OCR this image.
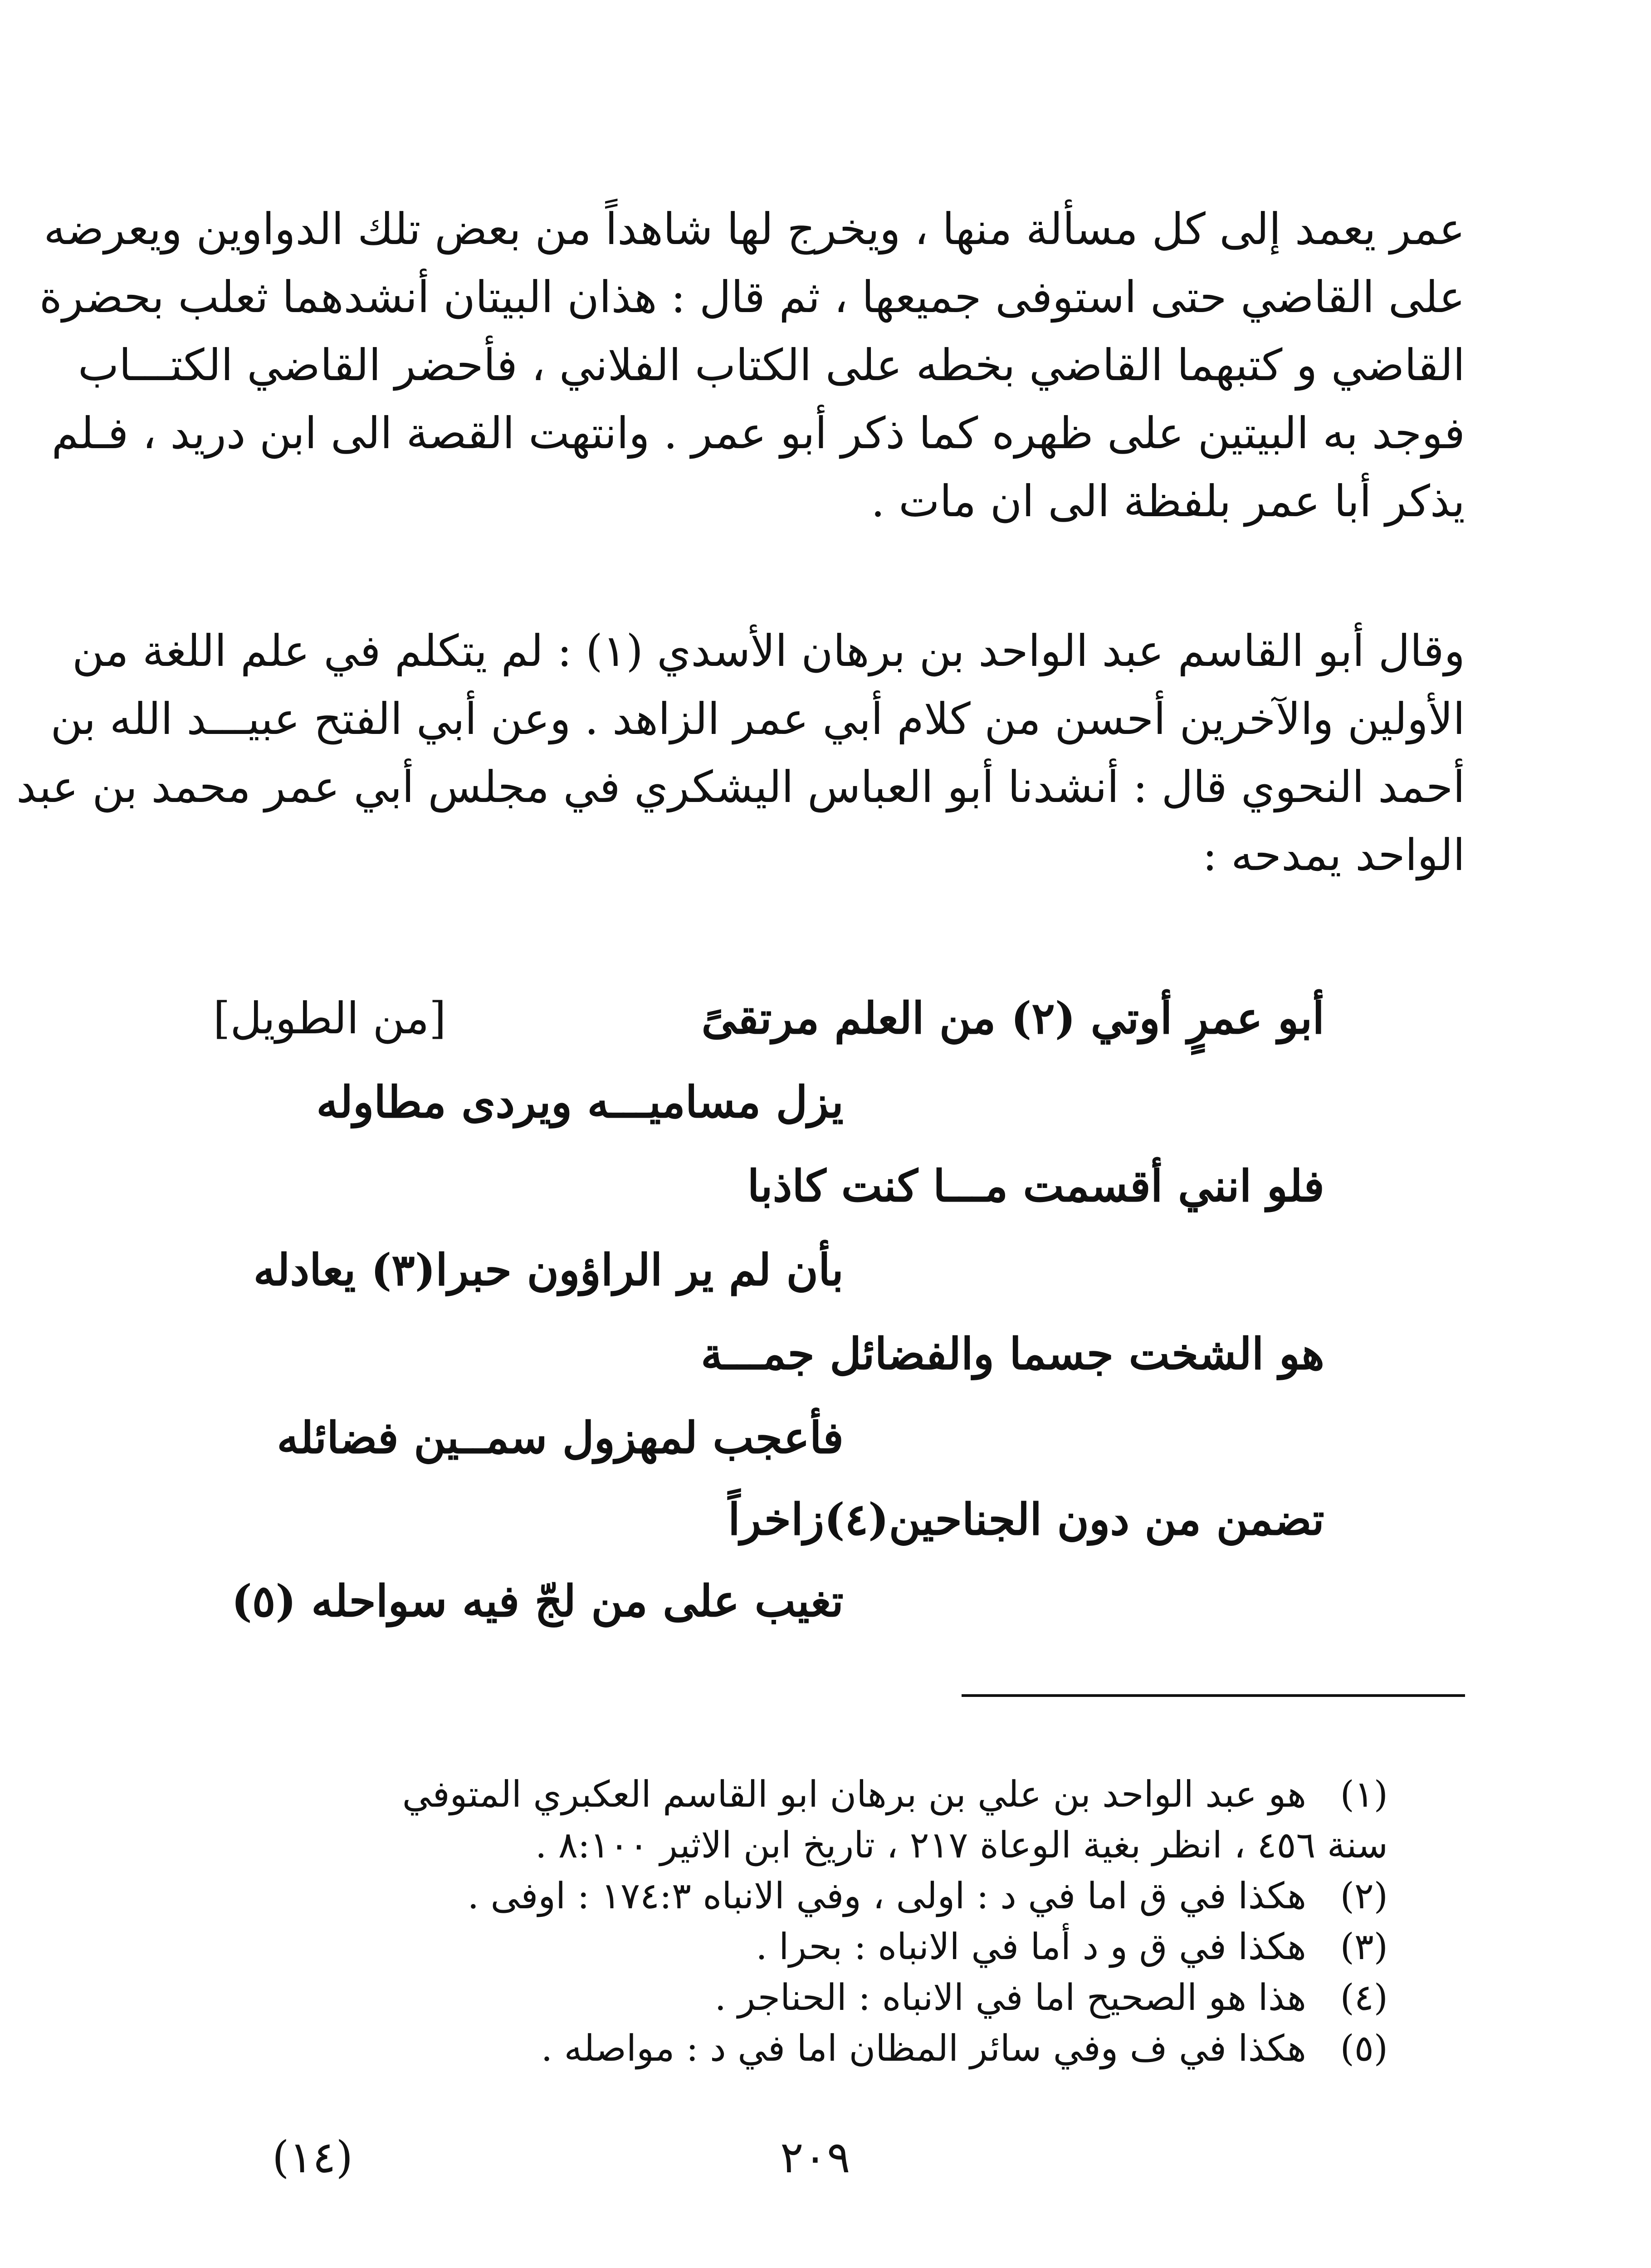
عمر يعمد إلى كل مسألة منها ، ويخرج لها شاهداً من بعض تلك الدواوين ويعرضه
على القاضي حتى استوفى جميعها ، ثم قال : هذان البيتان أنشدهما ثعلب بحضرة
القاضي و كتبهما القاضي بخطه على الكتاب الفلاني ، فأحضر القاضي الكتـــاب
فوجد به البيتين على ظهره كما ذكر أبو عمر . وانتهت القصة الى ابن دريد ، فـلم
يذكر أبا عمر بلفظة الى ان مات .
وقال أبو القاسم عبد الواحد بن برهان الأسدي (١) : لم يتكلم في علم اللغة من
الأولين والآخرين أحسن من كلام أبي عمر الزاهد . وعن أبي الفتح عبيـــد الله بن
أحمد النحوي قال : أنشدنا أبو العباس اليشكري في مجلس أبي عمر محمد بن عبد
الواحد يمدحه :
[من الطويل]	أبو عمرٍ أوتي (٢) من العلم مرتقىً
يزل مساميـــه ويردى مطاوله
فلو انني أقسمت مـــا كنت كاذبا
بأن لم ير الراؤون حبرا(٣) يعادله
هو الشخت جسما والفضائل جمـــة
فأعجب لمهزول سمــين فضائله
تضمن من دون الجناحين(٤)زاخراً
تغيب على من لجّ فيه سواحله (٥)
(١)
هو عبد الواحد بن علي بن برهان ابو القاسم العكبري المتوفي
سنة ٤٥٦ ، انظر بغية الوعاة ٢١٧ ، تاريخ ابن الاثير ٨:١٠٠ .
(٢)
هكذا في ق اما في د : اولى ، وفي الانباه ١٧٤:٣ : اوفى .
(٣)
هكذا في ق و د أما في الانباه : بحرا .
(٤)
هذا هو الصحيح اما في الانباه : الحناجر .
(٥)
هكذا في ف وفي سائر المظان اما في د : مواصله .
(١٤)	٢٠٩
